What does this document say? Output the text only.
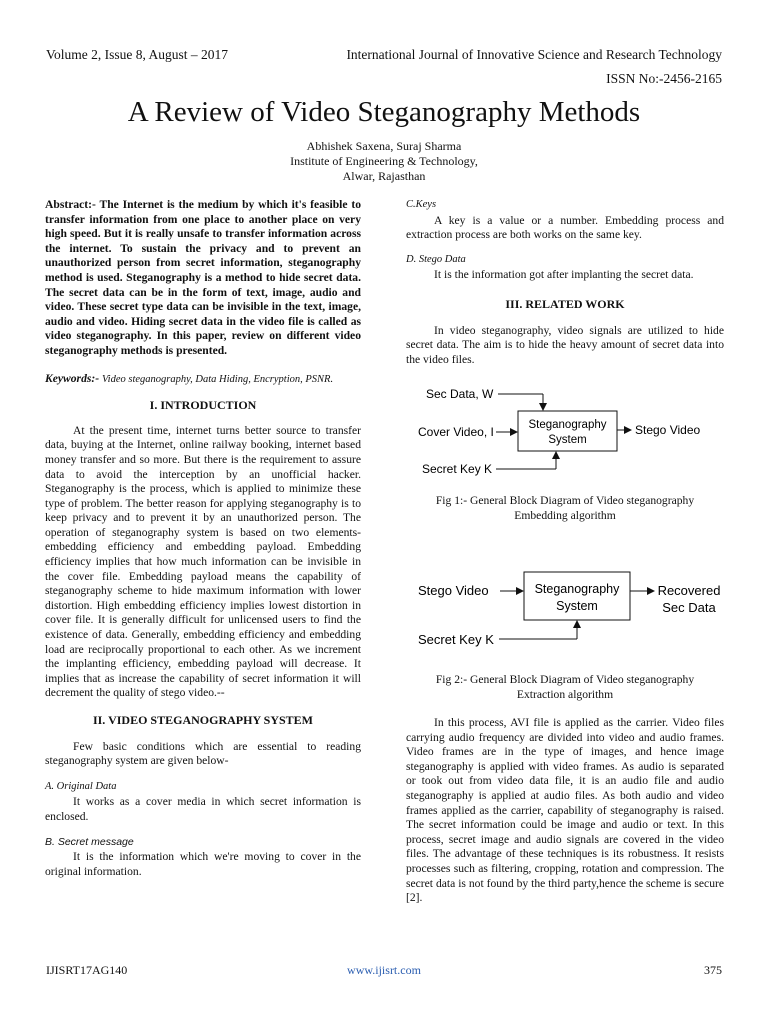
Volume 2, Issue 8, August – 2017	International Journal of Innovative Science and Research Technology
ISSN No:-2456-2165
A Review of Video Steganography Methods
Abhishek Saxena, Suraj Sharma
Institute of Engineering & Technology,
Alwar, Rajasthan
Abstract:- The Internet is the medium by which it's feasible to transfer information from one place to another place on very high speed. But it is really unsafe to transfer information across the internet. To sustain the privacy and to prevent an unauthorized person from secret information, steganography method is used. Steganography is a method to hide secret data. The secret data can be in the form of text, image, audio and video. These secret type data can be invisible in the text, image, audio and video. Hiding secret data in the video file is called as video steganography. In this paper, review on different video steganography methods is presented.
Keywords:- Video steganography, Data Hiding, Encryption, PSNR.
I. INTRODUCTION
At the present time, internet turns better source to transfer data, buying at the Internet, online railway booking, internet based money transfer and so more. But there is the requirement to assure data to avoid the interception by an unofficial hacker. Steganography is the process, which is applied to minimize these type of problem. The better reason for applying steganography is to keep privacy and to prevent it by an unauthorized person. The operation of steganography system is based on two elements- embedding efficiency and embedding payload. Embedding efficiency implies that how much information can be invisible in the cover file. Embedding payload means the capability of steganography scheme to hide maximum information with lower distortion. High embedding efficiency implies lowest distortion in cover file. It is generally difficult for unlicensed users to find the existence of data. Generally, embedding efficiency and embedding load are reciprocally proportional to each other. As we increment the implanting efficiency, embedding payload will decrease. It implies that as increase the capability of secret information it will decrement the quality of stego video.--
II. VIDEO STEGANOGRAPHY SYSTEM
Few basic conditions which are essential to reading steganography system are given below-
A. Original Data
It works as a cover media in which secret information is enclosed.
B. Secret message
It is the information which we're moving to cover in the original information.
C.Keys
A key is a value or a number. Embedding process and extraction process are both works on the same key.
D. Stego Data
It is the information got after implanting the secret data.
III. RELATED WORK
In video steganography, video signals are utilized to hide secret data. The aim is to hide the heavy amount of secret data into the video files.
Sec Data, W
Steganography
System
Cover Video, I	Stego Video
Secret Key K
Fig 1:- General Block Diagram of Video steganography
Embedding algorithm
Stego Video	Steganography
System
Recovered
Sec Data
Secret Key K
Fig 2:- General Block Diagram of Video steganography
Extraction algorithm
In this process, AVI file is applied as the carrier. Video files carrying audio frequency are divided into video and audio frames. Video frames are in the type of images, and hence image steganography is applied with video frames. As audio is separated or took out from video data file, it is an audio file and audio steganography is applied at audio files. As both audio and video frames applied as the carrier, capability of steganography is raised. The secret information could be image and audio or text. In this process, secret image and audio signals are covered in the video files. The advantage of these techniques is its robustness. It resists processes such as filtering, cropping, rotation and compression. The secret data is not found by the third party,hence the scheme is secure [2].
IJISRT17AG140	www.ijisrt.com	375
